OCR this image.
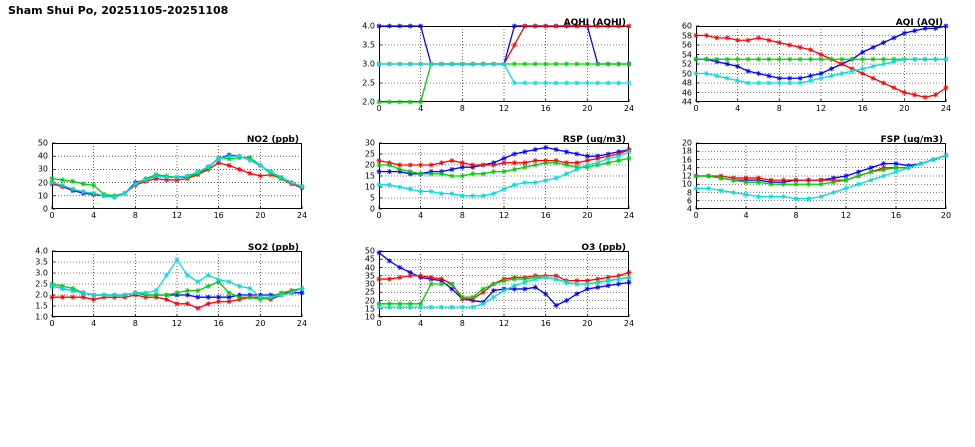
Sham Shui Po, 20251105-20251108
AQHI (AQHI)
0	4	8	12	16	20	24
2.0
2.5
3.0
3.5
4.0	AQI (AQI)
0	4	8	12	16	20	24
44
46
48
50
52
54
56
58
60
NO2 (ppb)
0	4	8	12	16	20	24
0
10
20
30
40
50	RSP (ug/m3)
0	4	8	12	16	20	24
0
5
10
15
20
25
30	FSP (ug/m3)
0	4	8	12	16	20
4
6
8
10
12
14
16
18
20
SO2 (ppb)
0	4	8	12	16	20	24
1.0
1.5
2.0
2.5
3.0
3.5
4.0	O3 (ppb)
0	4	8	12	16	20	24
10
15
20
25
30
35
40
45
50
